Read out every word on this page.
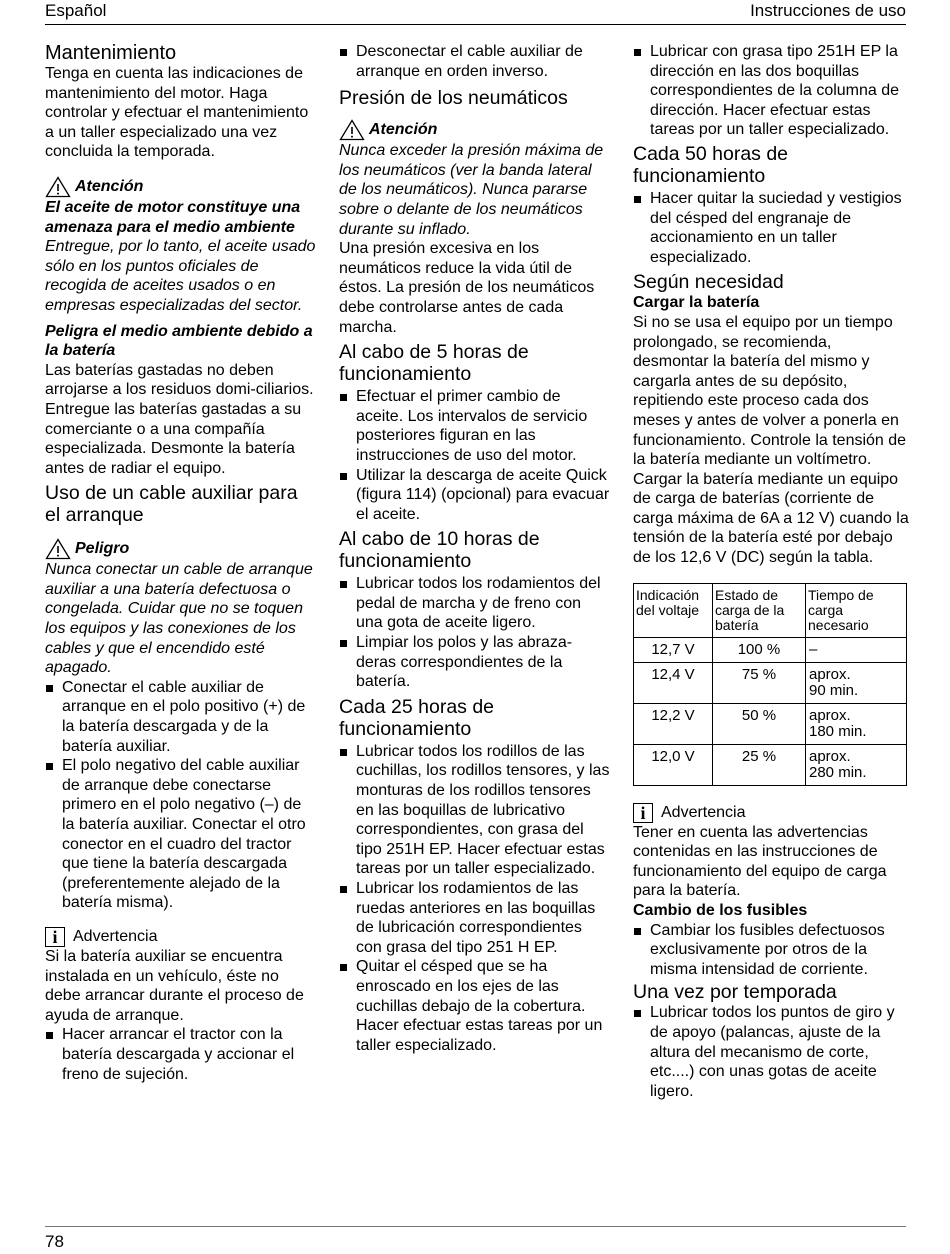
Español	Instrucciones de uso
Mantenimiento

Tenga en cuenta las indicaciones de mantenimiento del motor. Haga controlar y efectuar el mantenimiento a un taller especializado una vez concluida la temporada.

Atención

El aceite de motor constituye una amenaza para el medio ambiente

Entregue, por lo tanto, el aceite usado sólo en los puntos oficiales de recogida de aceites usados o en empresas especializadas del sector.

Peligra el medio ambiente debido a la batería

Las baterías gastadas no deben arrojarse a los residuos domi-ciliarios. Entregue las baterías gastadas a su comerciante o a una compañía especializada. Desmonte la batería antes de radiar el equipo.

Uso de un cable auxiliar para el arranque
Peligro

Nunca conectar un cable de arranque auxiliar a una batería defectuosa o congelada. Cuidar que no se toquen los equipos y las conexiones de los cables y que el encendido esté apagado.

Conectar el cable auxiliar de arranque en el polo positivo (+) de la batería descargada y de la batería auxiliar.
El polo negativo del cable auxiliar de arranque debe conectarse primero en el polo negativo (–) de la batería auxiliar. Conectar el otro conector en el cuadro del tractor que tiene la batería descargada (preferentemente alejado de la batería misma).
i Advertencia

Si la batería auxiliar se encuentra instalada en un vehículo, éste no debe arrancar durante el proceso de ayuda de arranque.

Hacer arrancar el tractor con la batería descargada y accionar el freno de sujeción.
Desconectar el cable auxiliar de arranque en orden inverso.
Presión de los neumáticos
Atención

Nunca exceder la presión máxima de los neumáticos (ver la banda lateral de los neumáticos). Nunca pararse sobre o delante de los neumáticos durante su inflado.

Una presión excesiva en los neumáticos reduce la vida útil de éstos. La presión de los neumáticos debe controlarse antes de cada marcha.

Al cabo de 5 horas de funcionamiento
Efectuar el primer cambio de aceite. Los intervalos de servicio posteriores figuran en las instrucciones de uso del motor.
Utilizar la descarga de aceite Quick (figura 114) (opcional) para evacuar el aceite.
Al cabo de 10 horas de funcionamiento
Lubricar todos los rodamientos del pedal de marcha y de freno con una gota de aceite ligero.
Limpiar los polos y las abraza-deras correspondientes de la batería.
Cada 25 horas de funcionamiento
Lubricar todos los rodillos de las cuchillas, los rodillos tensores, y las monturas de los rodillos tensores en las boquillas de lubricativo correspondientes, con grasa del tipo 251H EP. Hacer efectuar estas tareas por un taller especializado.
Lubricar los rodamientos de las ruedas anteriores en las boquillas de lubricación correspondientes con grasa del tipo 251 H EP.
Quitar el césped que se ha enroscado en los ejes de las cuchillas debajo de la cobertura. Hacer efectuar estas tareas por un taller especializado.
Lubricar con grasa tipo 251H EP la dirección en las dos boquillas correspondientes de la columna de dirección. Hacer efectuar estas tareas por un taller especializado.
Cada 50 horas de funcionamiento
Hacer quitar la suciedad y vestigios del césped del engranaje de accionamiento en un taller especializado.
Según necesidad

Cargar la batería

Si no se usa el equipo por un tiempo prolongado, se recomienda, desmontar la batería del mismo y cargarla antes de su depósito, repitiendo este proceso cada dos meses y antes de volver a ponerla en funcionamiento. Controle la tensión de la batería mediante un voltímetro. Cargar la batería mediante un equipo de carga de baterías (corriente de carga máxima de 6A a 12 V) cuando la tensión de la batería esté por debajo de los 12,6 V (DC) según la tabla.

Indicación del voltaje	Estado de carga de la batería	Tiempo de carga necesario
12,7 V	100 %	–
12,4 V	75 %	aprox.
90 min.
12,2 V	50 %	aprox.
180 min.
12,0 V	25 %	aprox.
280 min.
i Advertencia

Tener en cuenta las advertencias contenidas en las instrucciones de funcionamiento del equipo de carga para la batería.

Cambio de los fusibles

Cambiar los fusibles defectuosos exclusivamente por otros de la misma intensidad de corriente.
Una vez por temporada
Lubricar todos los puntos de giro y de apoyo (palancas, ajuste de la altura del mecanismo de corte, etc....) con unas gotas de aceite ligero.
78
